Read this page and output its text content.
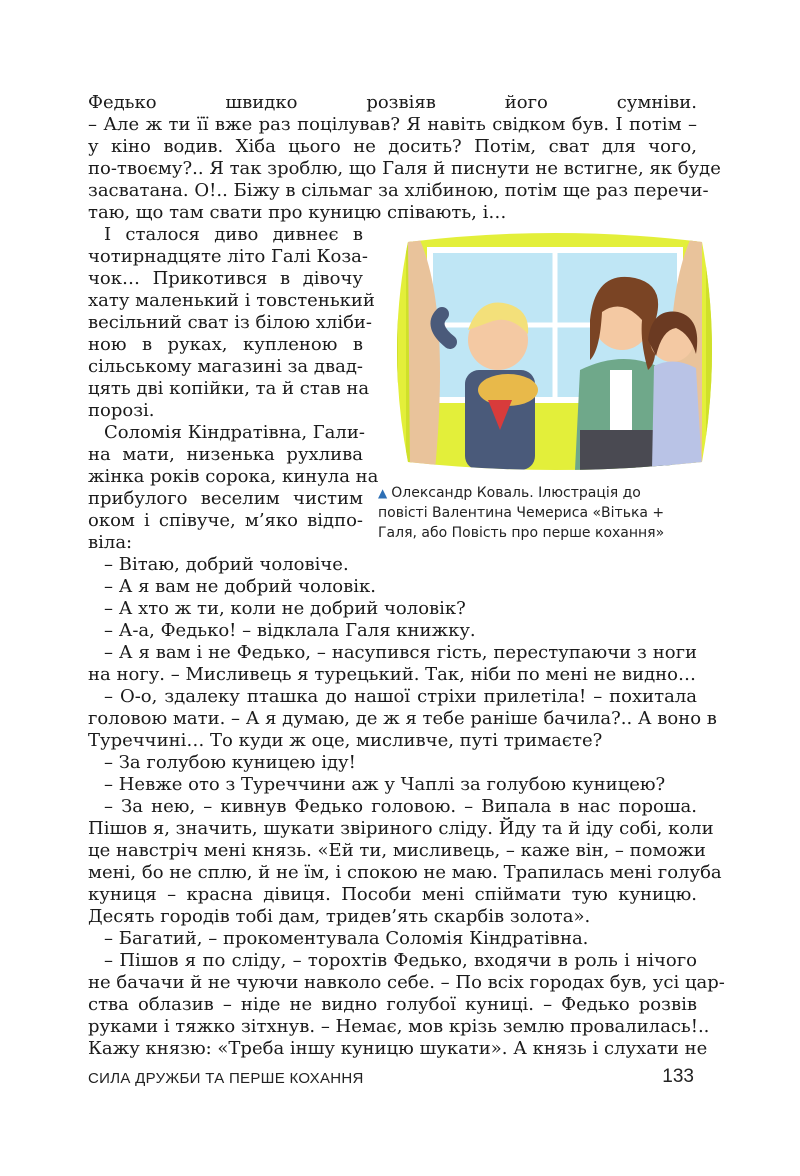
Федько швидко розвіяв його сумніви.
– Але ж ти її вже раз поцілував? Я навіть свідком був. І потім –
у кіно водив. Хіба цього не досить? Потім, сват для чого,
по-твоєму?.. Я так зроблю, що Галя й писнути не встигне, як буде
засватана. О!.. Біжу в сільмаг за хлібиною, потім ще раз перечи-
таю, що там свати про куницю співають, і…
І сталося диво дивнеє в
чотирнадцяте літо Галі Коза-
чок… Прикотився в дівочу
хату маленький і товстенький
весільний сват із білою хліби-
ною в руках, купленою в
сільському магазині за двад-
цять дві копійки, та й став на
порозі.
Соломія Кіндратівна, Гали-
на мати, низенька рухлива
жінка років сорока, кинула на
прибулого веселим чистим
оком і співуче, м’яко відпо-
віла:
– Вітаю, добрий чоловіче.
– А я вам не добрий чоловік.
– А хто ж ти, коли не добрий чоловік?
– А-а, Федько! – відклала Галя книжку.
– А я вам і не Федько, – насупився гість, переступаючи з ноги
на ногу. – Мисливець я турецький. Так, ніби по мені не видно…
– О-о, здалеку пташка до нашої стріхи прилетіла! – похитала
головою мати. – А я думаю, де ж я тебе раніше бачила?.. А воно в
Туреччині… То куди ж оце, мисливче, путі тримаєте?
– За голубою куницею іду!
– Невже ото з Туреччини аж у Чаплі за голубою куницею?
– За нею, – кивнув Федько головою. – Випала в нас пороша.
Пішов я, значить, шукати звіриного сліду. Йду та й іду собі, коли
це навстріч мені князь. «Ей ти, мисливець, – каже він, – поможи
мені, бо не сплю, й не їм, і спокою не маю. Трапилась мені голуба
куниця – красна дівиця. Пособи мені спіймати тую куницю.
Десять городів тобі дам, тридев’ять скарбів золота».
– Багатий, – прокоментувала Соломія Кіндратівна.
– Пішов я по сліду, – торохтів Федько, входячи в роль і нічого
не бачачи й не чуючи навколо себе. – По всіх городах був, усі цар-
ства облазив – ніде не видно голубої куниці. – Федько розвів
руками і тяжко зітхнув. – Немає, мов крізь землю провалилась!..
Кажу князю: «Треба іншу куницю шукати». А князь і слухати не
▲ Олександр Коваль. Ілюстрація до
повісті Валентина Чемериса «Вітька +
Галя, або Повість про перше кохання»
СИЛА ДРУЖБИ ТА ПЕРШЕ КОХАННЯ	133
